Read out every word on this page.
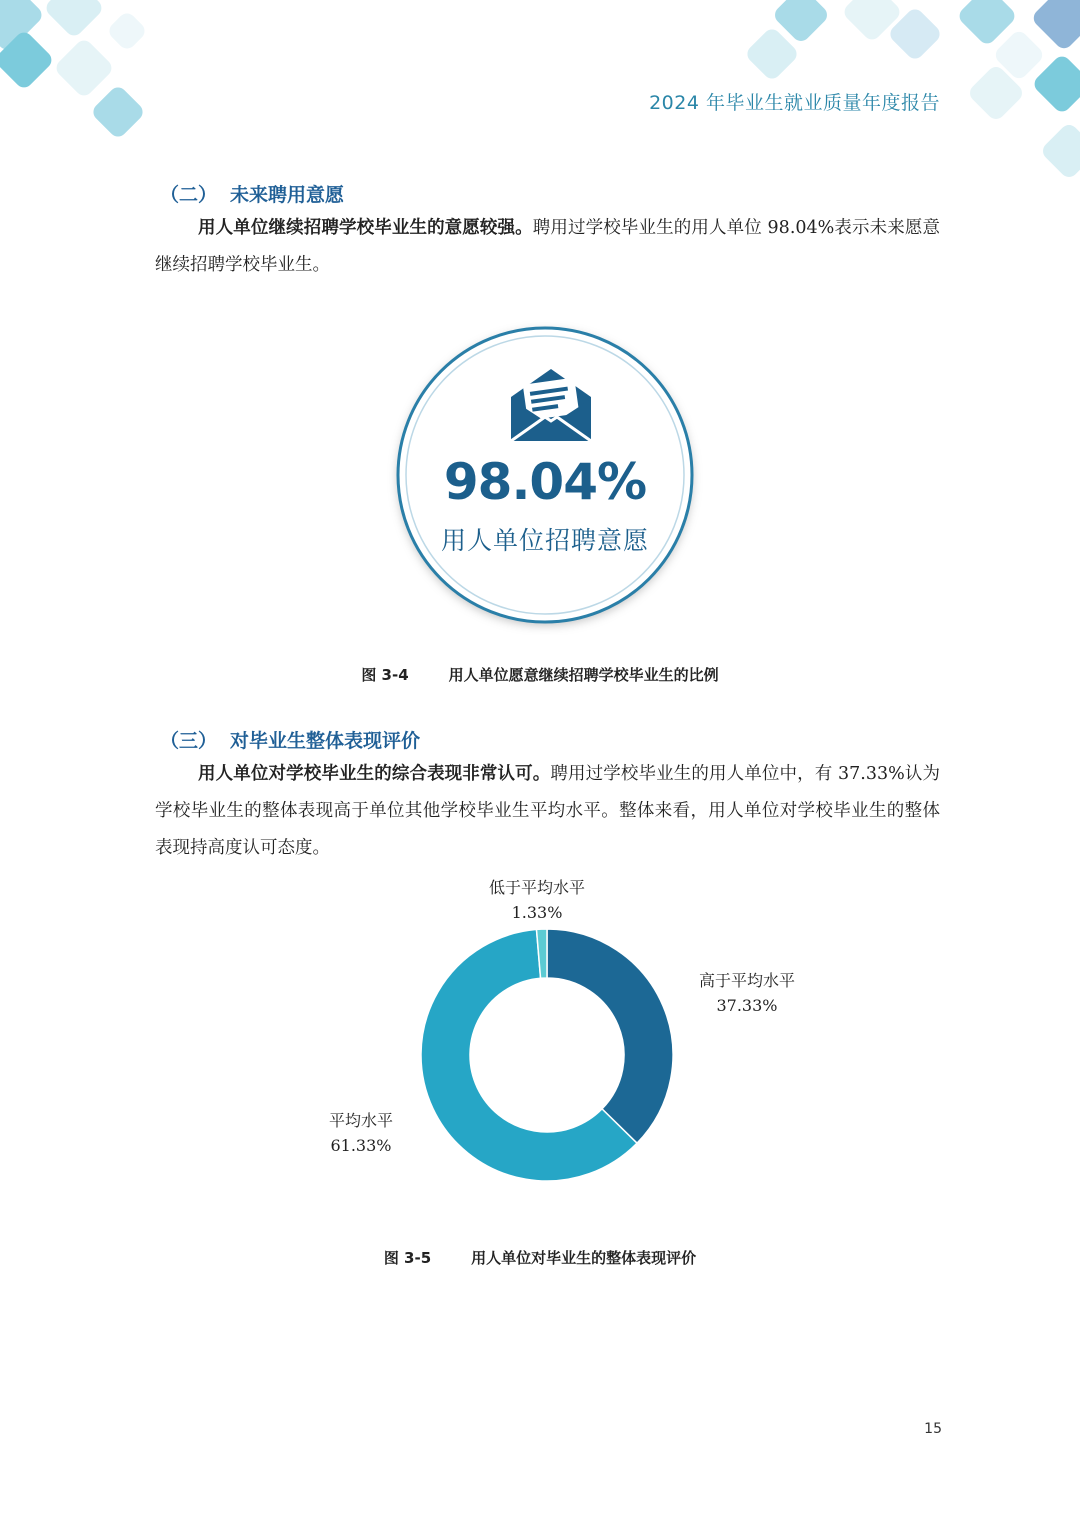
2024 年毕业生就业质量年度报告
（二） 未来聘用意愿
用人单位继续招聘学校毕业生的意愿较强。聘用过学校毕业生的用人单位 98.04%表示未来愿意继续招聘学校毕业生。
98.04%
用人单位招聘意愿
图 3-4	用人单位愿意继续招聘学校毕业生的比例
（三） 对毕业生整体表现评价
用人单位对学校毕业生的综合表现非常认可。聘用过学校毕业生的用人单位中，有 37.33%认为学校毕业生的整体表现高于单位其他学校毕业生平均水平。整体来看，用人单位对学校毕业生的整体表现持高度认可态度。
低于平均水平
1.33%
高于平均水平
37.33%
平均水平
61.33%
图 3-5	用人单位对毕业生的整体表现评价
15
